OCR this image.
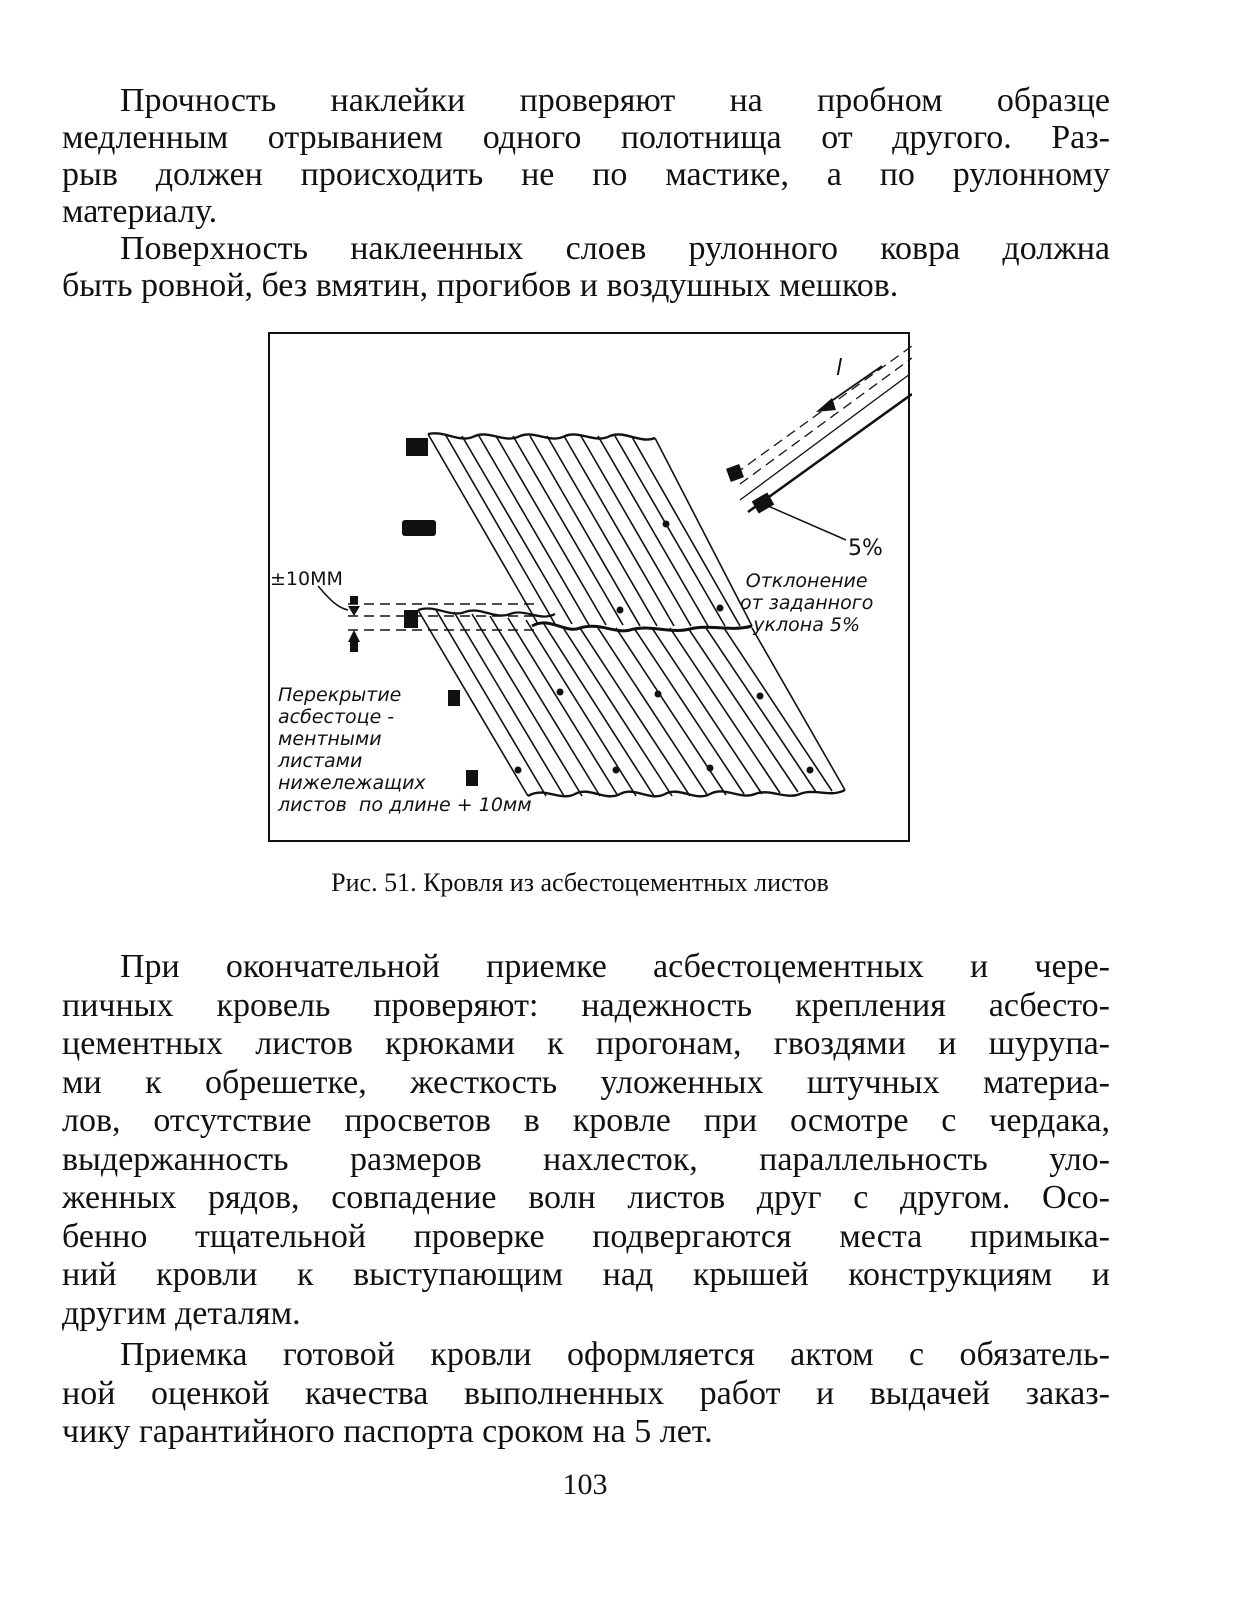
Прочность наклейки проверяют на пробном образце
медленным отрыванием одного полотнища от другого. Раз-
рыв должен происходить не по мастике, а по рулонному
материалу.
Поверхность наклеенных слоев рулонного ковра должна
быть ровной, без вмятин, прогибов и воздушных мешков.
l
±10ММ
5%
Отклонение
от заданного
уклона 5%
Перекрытие
асбестоце -
ментными
листами
нижележащих
листов  по длине + 10мм
Рис. 51. Кровля из асбестоцементных листов
При окончательной приемке асбестоцементных и чере-
пичных кровель проверяют: надежность крепления асбесто-
цементных листов крюками к прогонам, гвоздями и шурупа-
ми к обрешетке, жесткость уложенных штучных материа-
лов, отсутствие просветов в кровле при осмотре с чердака,
выдержанность размеров нахлесток, параллельность уло-
женных рядов, совпадение волн листов друг с другом. Осо-
бенно тщательной проверке подвергаются места примыка-
ний кровли к выступающим над крышей конструкциям и
другим деталям.
Приемка готовой кровли оформляется актом с обязатель-
ной оценкой качества выполненных работ и выдачей заказ-
чику гарантийного паспорта сроком на 5 лет.
103
